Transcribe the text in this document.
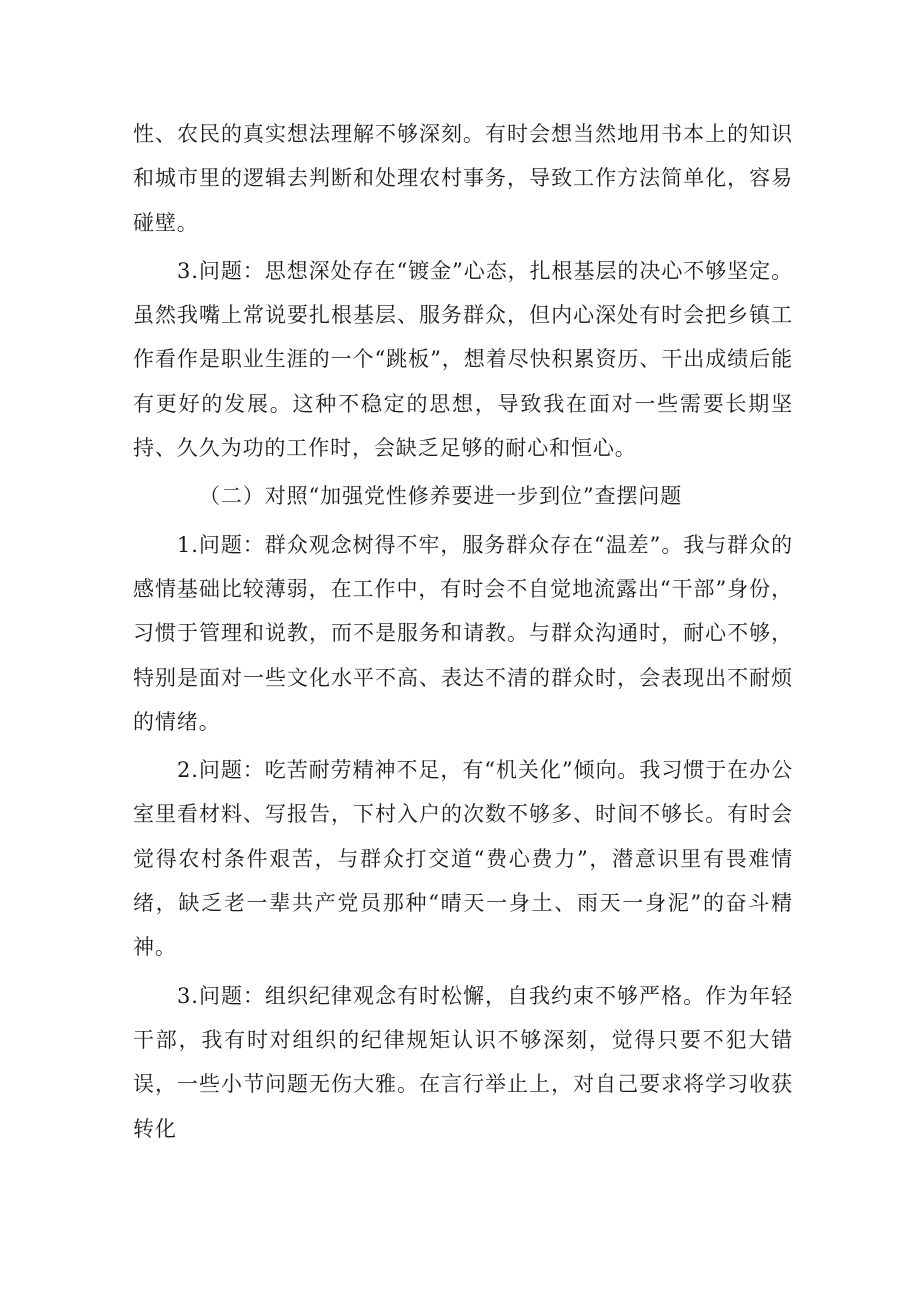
性、农民的真实想法理解不够深刻。有时会想当然地用书本上的知识和城市里的逻辑去判断和处理农村事务，导致工作方法简单化，容易碰壁。

3.问题：思想深处存在“镀金”心态，扎根基层的决心不够坚定。虽然我嘴上常说要扎根基层、服务群众，但内心深处有时会把乡镇工作看作是职业生涯的一个“跳板”，想着尽快积累资历、干出成绩后能有更好的发展。这种不稳定的思想，导致我在面对一些需要长期坚持、久久为功的工作时，会缺乏足够的耐心和恒心。

（二）对照“加强党性修养要进一步到位”查摆问题

1.问题：群众观念树得不牢，服务群众存在“温差”。我与群众的感情基础比较薄弱，在工作中，有时会不自觉地流露出“干部”身份，习惯于管理和说教，而不是服务和请教。与群众沟通时，耐心不够，特别是面对一些文化水平不高、表达不清的群众时，会表现出不耐烦的情绪。

2.问题：吃苦耐劳精神不足，有“机关化”倾向。我习惯于在办公室里看材料、写报告，下村入户的次数不够多、时间不够长。有时会觉得农村条件艰苦，与群众打交道“费心费力”，潜意识里有畏难情绪，缺乏老一辈共产党员那种“晴天一身土、雨天一身泥”的奋斗精神。

3.问题：组织纪律观念有时松懈，自我约束不够严格。作为年轻干部，我有时对组织的纪律规矩认识不够深刻，觉得只要不犯大错误，一些小节问题无伤大雅。在言行举止上，对自己要求将学习收获转化
